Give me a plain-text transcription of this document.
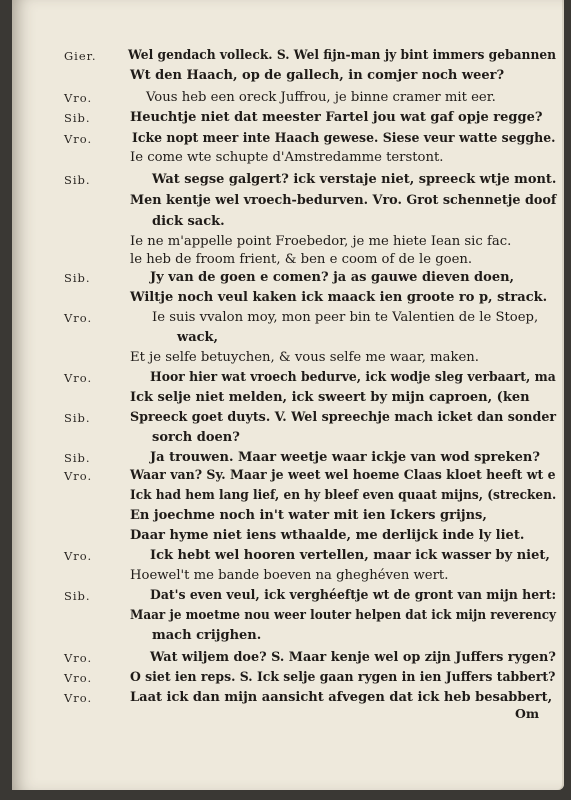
Gier. Wel gendach volleck. S. Wel fijn-man jy bint immers gebannen
Wt den Haach, op de gallech, in comjer noch weer?
Vro.	Vous heb een oreck Juffrou, je binne cramer mit eer.
Sib.	Heuchtje niet dat meester Fartel jou wat gaf opje regge?
Vro.	Icke nopt meer inte Haach gewese. Siese veur watte segghe.
Ie come wte schupte d'Amstredamme terstont.
Sib.	Wat segse galgert? ick verstaje niet, spreeck wtje mont.
Men kentje wel vroech-bedurven. Vro. Grot schennetje doof
dick sack.
Ie ne m'appelle point Froebedor, je me hiete Iean sic fac.
le heb de froom frient, & ben e coom of de le goen.
Sib.	Jy van de goen e comen? ja as gauwe dieven doen,
Wiltje noch veul kaken ick maack ien groote ro p, strack.
Vro.	Ie suis vvalon moy, mon peer bin te Valentien de le Stoep,
wack,
Et je selfe betuychen, & vous selfe me waar, maken.
Vro.	Hoor hier wat vroech bedurve, ick wodje sleg verbaart, ma
Ick selje niet melden, ick sweert by mijn caproen, (ken
Sib.	Spreeck goet duyts. V. Wel spreechje mach icket dan sonder
sorch doen?
Sib.	Ja trouwen. Maar weetje waar ickje van wod spreken?
Vro.	Waar van? Sy. Maar je weet wel hoeme Claas kloet heeft wt e
Ick had hem lang lief, en hy bleef even quaat mijns, (strecken.
En joechme noch in't water mit ien Ickers grijns,
Daar hyme niet iens wthaalde, me derlijck inde ly liet.
Vro.	Ick hebt wel hooren vertellen, maar ick wasser by niet,
Hoewel't me bande boeven na gheghéven wert.
Sib.	Dat's even veul, ick verghéeftje wt de gront van mijn hert:
Maar je moetme nou weer louter helpen dat ick mijn reverency
mach crijghen.
Vro.	Wat wiljem doe? S. Maar kenje wel op zijn Juffers rygen?
Vro.	O siet ien reps. S. Ick selje gaan rygen in ien Juffers tabbert?
Vro.	Laat ick dan mijn aansicht afvegen dat ick heb besabbert,
Om
